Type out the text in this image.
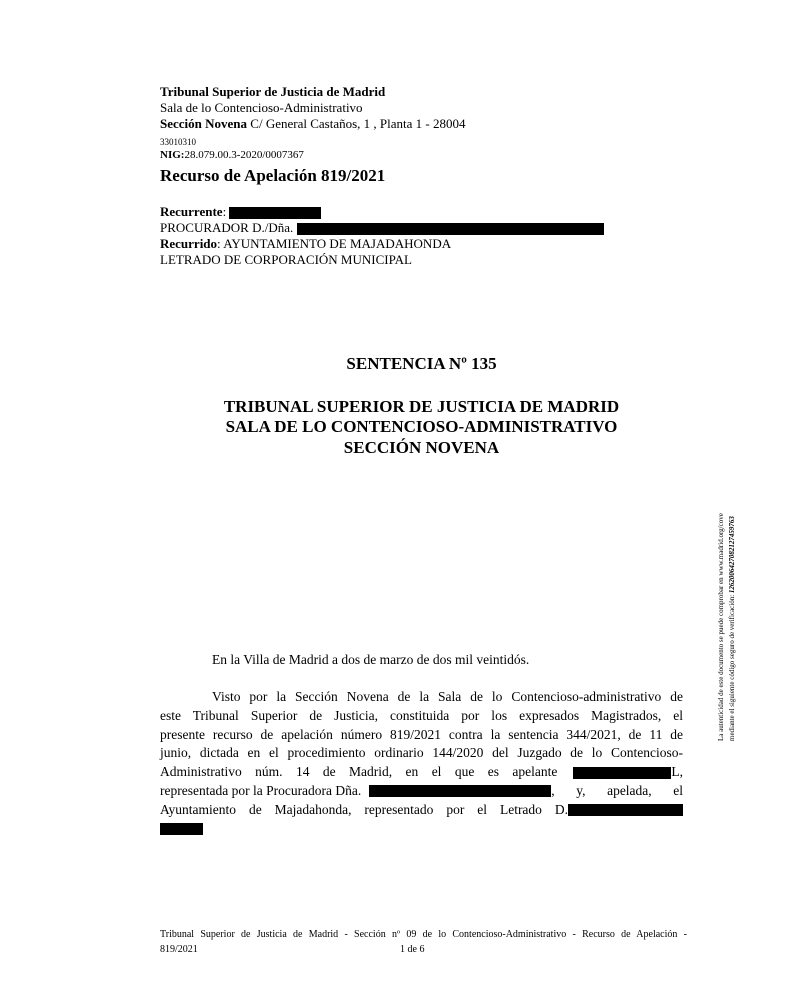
Tribunal Superior de Justicia de Madrid
Sala de lo Contencioso-Administrativo
Sección Novena C/ General Castaños, 1 , Planta 1 - 28004
33010310
NIG:28.079.00.3-2020/0007367
Recurso de Apelación 819/2021
Recurrente:
PROCURADOR D./Dña.
Recurrido: AYUNTAMIENTO DE MAJADAHONDA
LETRADO DE CORPORACIÓN MUNICIPAL
SENTENCIA Nº 135
TRIBUNAL SUPERIOR DE JUSTICIA DE MADRID
SALA DE LO CONTENCIOSO-ADMINISTRATIVO
SECCIÓN NOVENA
En la Villa de Madrid a dos de marzo de dos mil veintidós.
Visto por la Sección Novena de la Sala de lo Contencioso-administrativo de
este Tribunal Superior de Justicia, constituida por los expresados Magistrados, el
presente recurso de apelación número 819/2021 contra la sentencia 344/2021, de 11 de
junio, dictada en el procedimiento ordinario 144/2020 del Juzgado de lo Contencioso-
Administrativo núm. 14 de Madrid, en el que es apelante	L,
representada por la Procuradora Dña.	, y, apelada, el
Ayuntamiento de Majadahonda, representado por el Letrado D.
La autenticidad de este documento se puede comprobar en www.madrid.org/cove mediante el siguiente código seguro de verificación: 1262006427082127459763
Tribunal Superior de Justicia de Madrid - Sección nº 09 de lo Contencioso-Administrativo - Recurso de Apelación -
819/2021	1 de 6
